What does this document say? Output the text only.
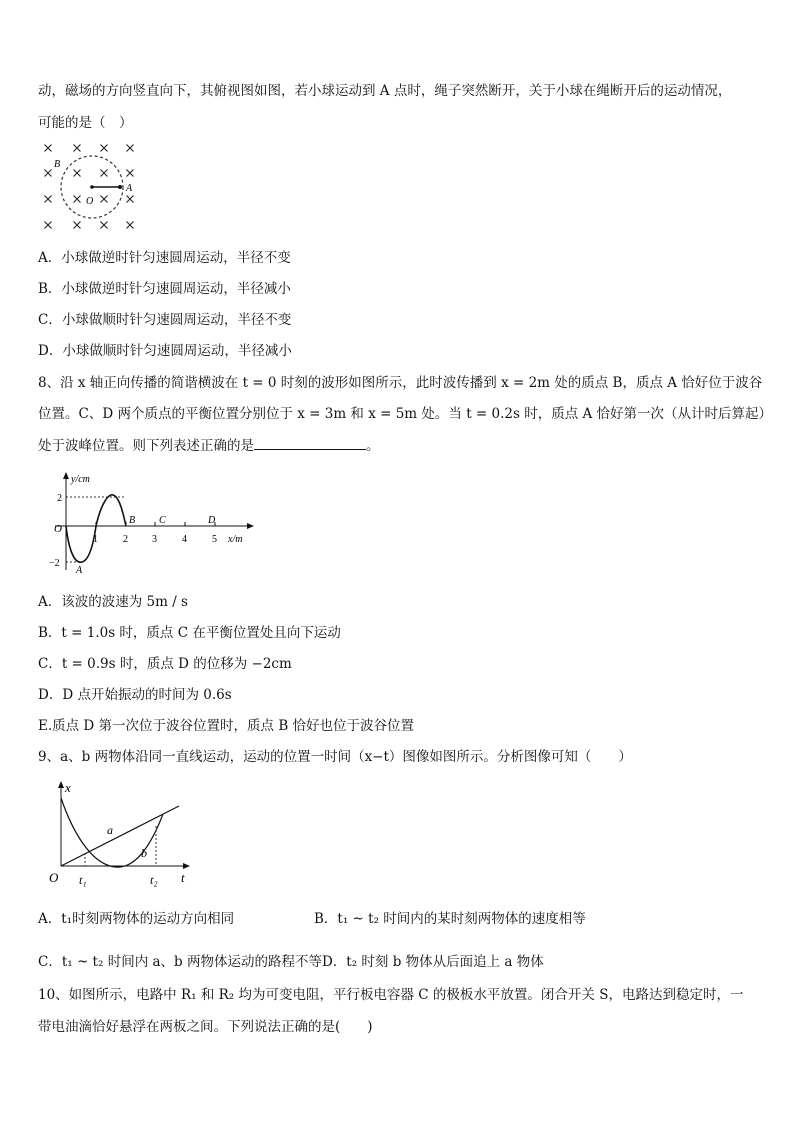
动，磁场的方向竖直向下，其俯视图如图，若小球运动到 A 点时，绳子突然断开，关于小球在绳断开后的运动情况，
可能的是（　）
B
A
O
A．小球做逆时针匀速圆周运动，半径不变
B．小球做逆时针匀速圆周运动，半径减小
C．小球做顺时针匀速圆周运动，半径不变
D．小球做顺时针匀速圆周运动，半径减小
8、沿 x 轴正向传播的简谐横波在 t = 0 时刻的波形如图所示，此时波传播到 x = 2m 处的质点 B，质点 A 恰好位于波谷
位置。C、D 两个质点的平衡位置分别位于 x = 3m 和 x = 5m 处。当 t = 0.2s 时，质点 A 恰好第一次（从计时后算起）
处于波峰位置。则下列表述正确的是	。
y/cm
x/m
O
2
−2
1	2 3	4	5
A
B C	D
A．该波的波速为 5m / s
B．t = 1.0s 时，质点 C 在平衡位置处且向下运动
C．t = 0.9s 时，质点 D 的位移为 −2cm
D．D 点开始振动的时间为 0.6s
E.质点 D 第一次位于波谷位置时，质点 B 恰好也位于波谷位置
9、a、b 两物体沿同一直线运动，运动的位置一时间（x−t）图像如图所示。分析图像可知（　　）
x
t
O t₁	t₂
a
b
A．t₁时刻两物体的运动方向相同	B．t₁ ~ t₂ 时间内的某时刻两物体的速度相等
C．t₁ ~ t₂ 时间内 a、b 两物体运动的路程不等D．t₂ 时刻 b 物体从后面追上 a 物体
10、如图所示，电路中 R₁ 和 R₂ 均为可变电阻，平行板电容器 C 的极板水平放置。闭合开关 S，电路达到稳定时，一
带电油滴恰好悬浮在两板之间。下列说法正确的是(　　)
